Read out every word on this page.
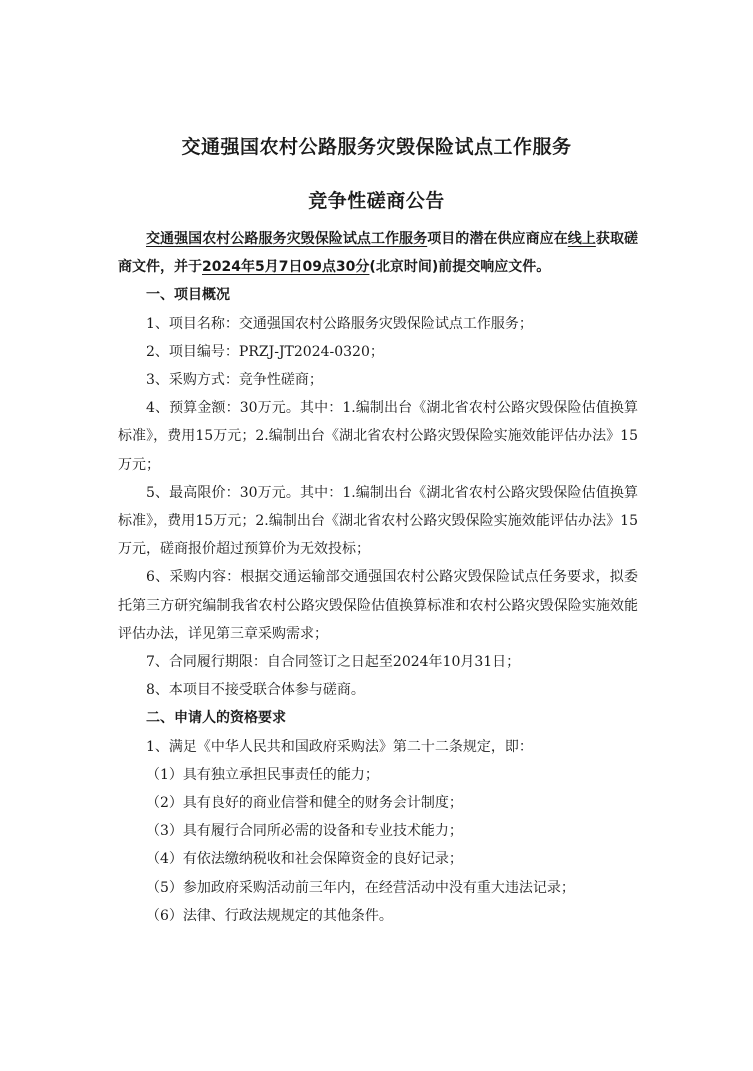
交通强国农村公路服务灾毁保险试点工作服务
竞争性磋商公告

交通强国农村公路服务灾毁保险试点工作服务项目的潜在供应商应在线上获取磋商文件，并于2024年5月7日09点30分(北京时间)前提交响应文件。

一、项目概况

1、项目名称：交通强国农村公路服务灾毁保险试点工作服务；

2、项目编号：PRZJ-JT2024-0320；

3、采购方式：竞争性磋商；

4、预算金额：30万元。其中：1.编制出台《湖北省农村公路灾毁保险估值换算标准》，费用15万元；2.编制出台《湖北省农村公路灾毁保险实施效能评估办法》15万元；

5、最高限价：30万元。其中：1.编制出台《湖北省农村公路灾毁保险估值换算标准》，费用15万元；2.编制出台《湖北省农村公路灾毁保险实施效能评估办法》15万元，磋商报价超过预算价为无效投标；

6、采购内容：根据交通运输部交通强国农村公路灾毁保险试点任务要求，拟委托第三方研究编制我省农村公路灾毁保险估值换算标准和农村公路灾毁保险实施效能评估办法，详见第三章采购需求；

7、合同履行期限：自合同签订之日起至2024年10月31日；

8、本项目不接受联合体参与磋商。

二、申请人的资格要求

1、满足《中华人民共和国政府采购法》第二十二条规定，即：

（1）具有独立承担民事责任的能力；

（2）具有良好的商业信誉和健全的财务会计制度；

（3）具有履行合同所必需的设备和专业技术能力；

（4）有依法缴纳税收和社会保障资金的良好记录；

（5）参加政府采购活动前三年内，在经营活动中没有重大违法记录；

（6）法律、行政法规规定的其他条件。
